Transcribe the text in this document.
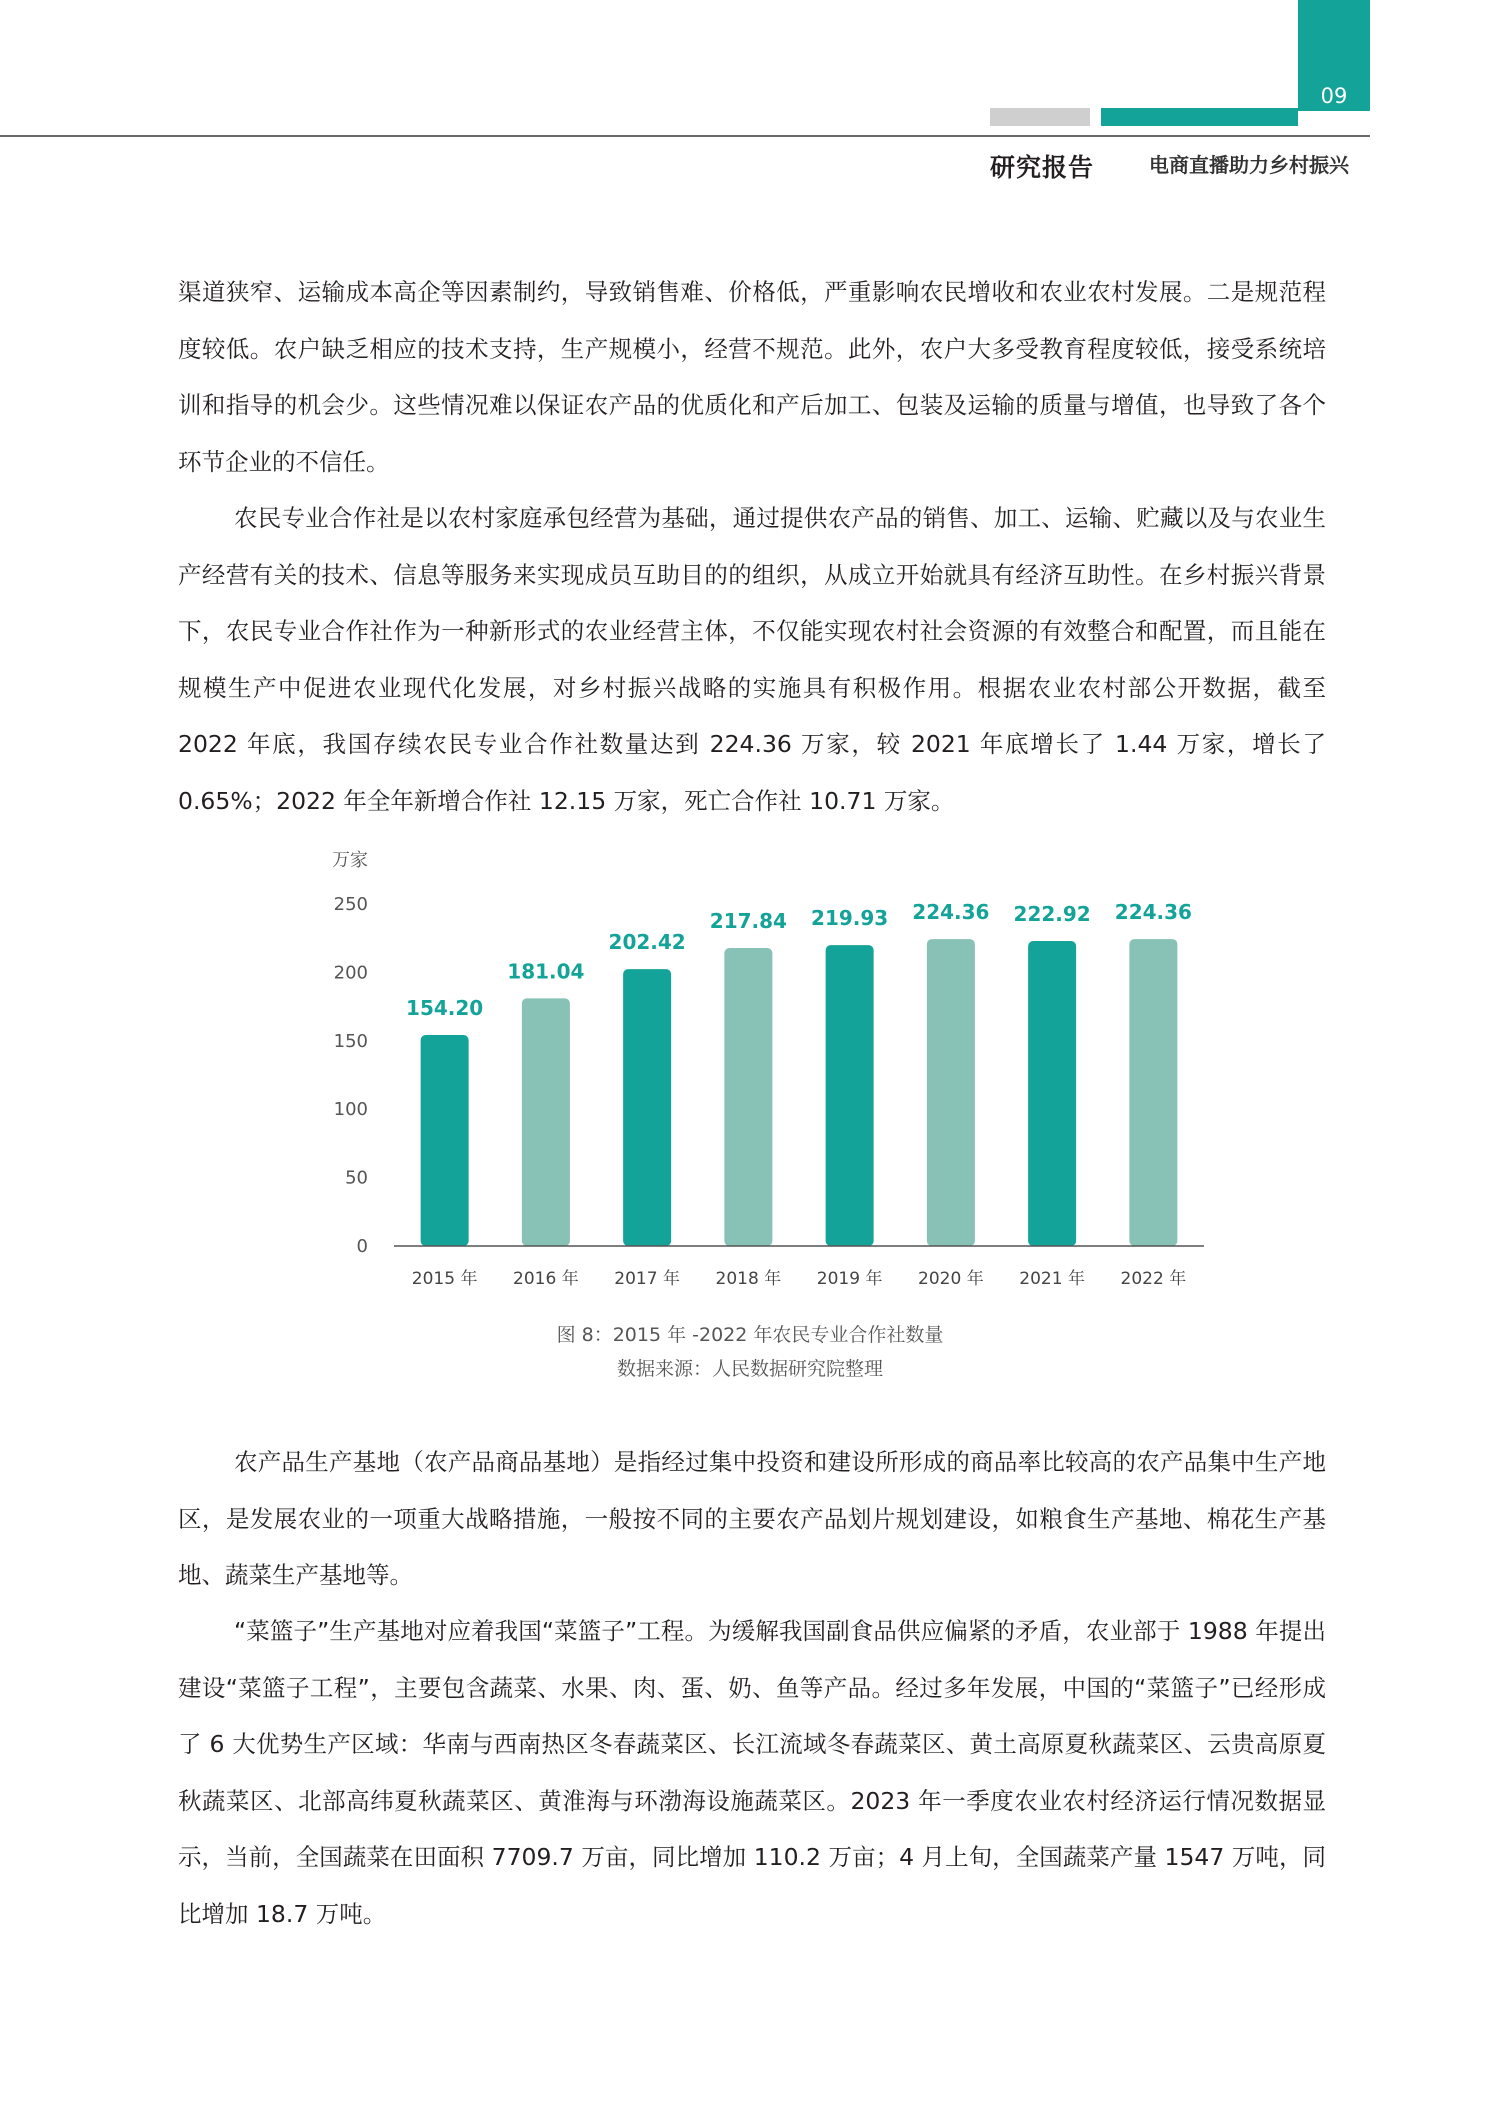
09
研究报告	电商直播助力乡村振兴

渠道狭窄、运输成本高企等因素制约，导致销售难、价格低，严重影响农民增收和农业农村发展。二是规范程度较低。农户缺乏相应的技术支持，生产规模小，经营不规范。此外，农户大多受教育程度较低，接受系统培训和指导的机会少。这些情况难以保证农产品的优质化和产后加工、包装及运输的质量与增值，也导致了各个环节企业的不信任。

农民专业合作社是以农村家庭承包经营为基础，通过提供农产品的销售、加工、运输、贮藏以及与农业生产经营有关的技术、信息等服务来实现成员互助目的的组织，从成立开始就具有经济互助性。在乡村振兴背景下，农民专业合作社作为一种新形式的农业经营主体，不仅能实现农村社会资源的有效整合和配置，而且能在规模生产中促进农业现代化发展，对乡村振兴战略的实施具有积极作用。根据农业农村部公开数据，截至 2022 年底，我国存续农民专业合作社数量达到 224.36 万家，较 2021 年底增长了 1.44 万家，增长了 0.65%；2022 年全年新增合作社 12.15 万家，死亡合作社 10.71 万家。

万家
0
50
100
150
200
250
154.20
2015 年
181.04
2016 年
202.42
2017 年
217.84
2018 年
219.93
2019 年
224.36
2020 年
222.92
2021 年
224.36
2022 年
图 8：2015 年 -2022 年农民专业合作社数量
数据来源：人民数据研究院整理

农产品生产基地（农产品商品基地）是指经过集中投资和建设所形成的商品率比较高的农产品集中生产地区，是发展农业的一项重大战略措施，一般按不同的主要农产品划片规划建设，如粮食生产基地、棉花生产基地、蔬菜生产基地等。

“菜篮子”生产基地对应着我国“菜篮子”工程。为缓解我国副食品供应偏紧的矛盾，农业部于 1988 年提出建设“菜篮子工程”，主要包含蔬菜、水果、肉、蛋、奶、鱼等产品。经过多年发展，中国的“菜篮子”已经形成了 6 大优势生产区域：华南与西南热区冬春蔬菜区、长江流域冬春蔬菜区、黄土高原夏秋蔬菜区、云贵高原夏秋蔬菜区、北部高纬夏秋蔬菜区、黄淮海与环渤海设施蔬菜区。2023 年一季度农业农村经济运行情况数据显示，当前，全国蔬菜在田面积 7709.7 万亩，同比增加 110.2 万亩；4 月上旬，全国蔬菜产量 1547 万吨，同比增加 18.7 万吨。
